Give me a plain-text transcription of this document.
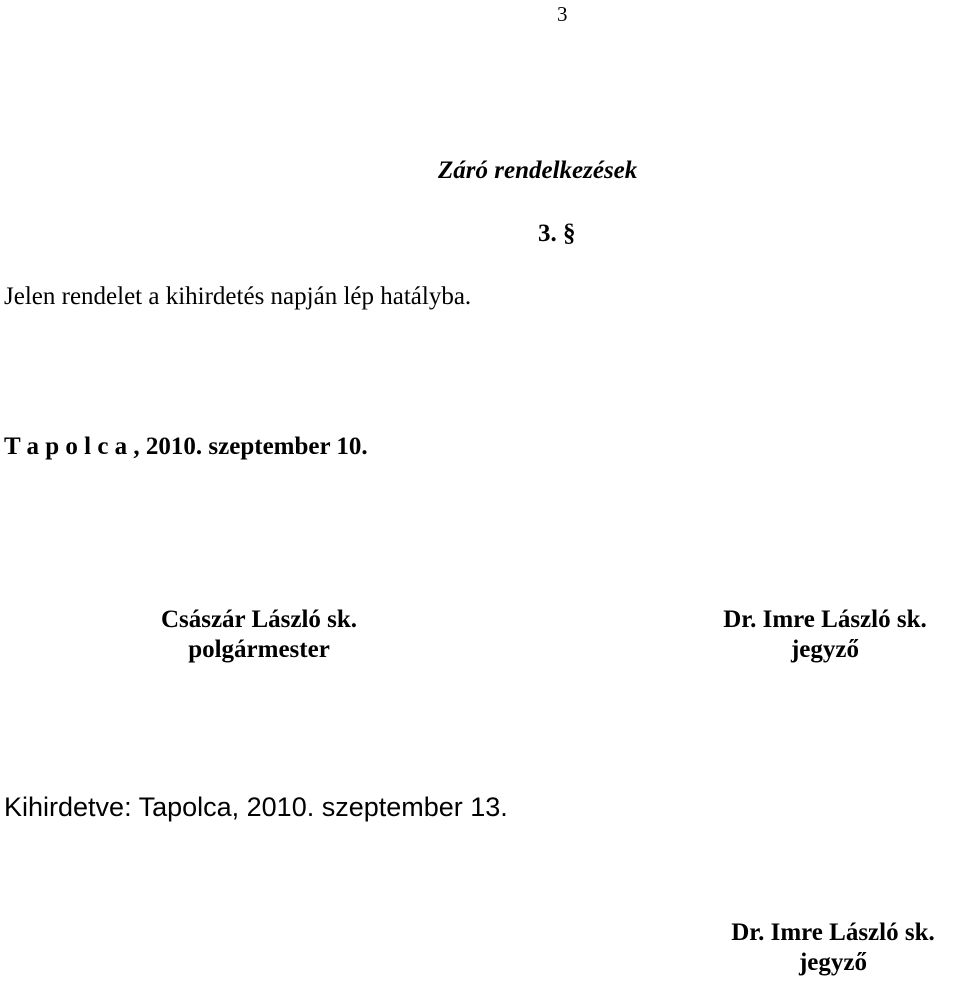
3
Záró rendelkezések
3. §
Jelen rendelet a kihirdetés napján lép hatályba.
T a p o l c a , 2010. szeptember 10.
Császár László sk.
polgármester
Dr. Imre László sk.
jegyző
Kihirdetve: Tapolca, 2010. szeptember 13.
Dr. Imre László sk.
jegyző
